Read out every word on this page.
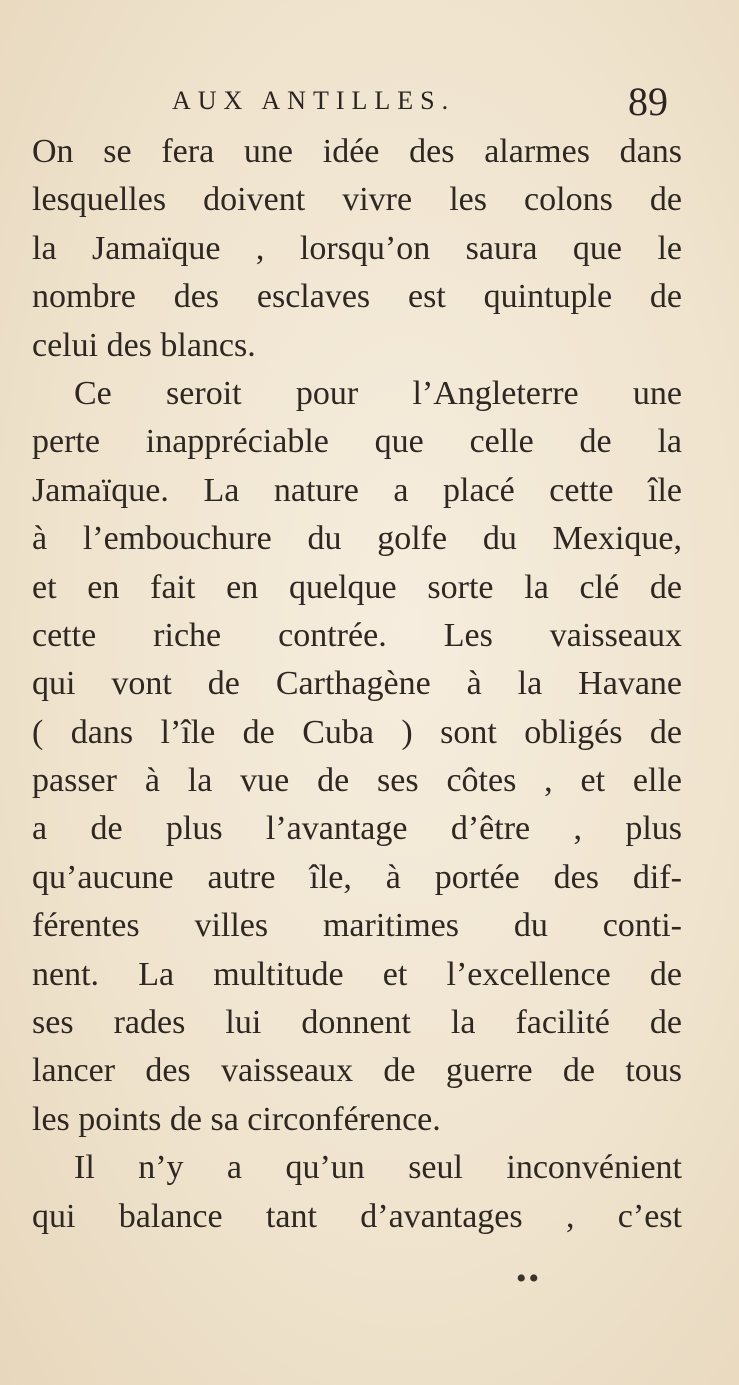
AUX ANTILLES.	89
On se fera une idée des alarmes dans
lesquelles doivent vivre les colons de
la Jamaïque , lorsqu’on saura que le
nombre des esclaves est quintuple de
celui des blancs.
Ce seroit pour l’Angleterre une
perte inappréciable que celle de la
Jamaïque. La nature a placé cette île
à l’embouchure du golfe du Mexique,
et en fait en quelque sorte la clé de
cette riche contrée. Les vaisseaux
qui vont de Carthagène à la Havane
( dans l’île de Cuba ) sont obligés de
passer à la vue de ses côtes , et elle
a de plus l’avantage d’être , plus
qu’aucune autre île, à portée des dif-
férentes villes maritimes du conti-
nent. La multitude et l’excellence de
ses rades lui donnent la facilité de
lancer des vaisseaux de guerre de tous
les points de sa circonférence.
Il n’y a qu’un seul inconvénient
qui balance tant d’avantages , c’est
••
